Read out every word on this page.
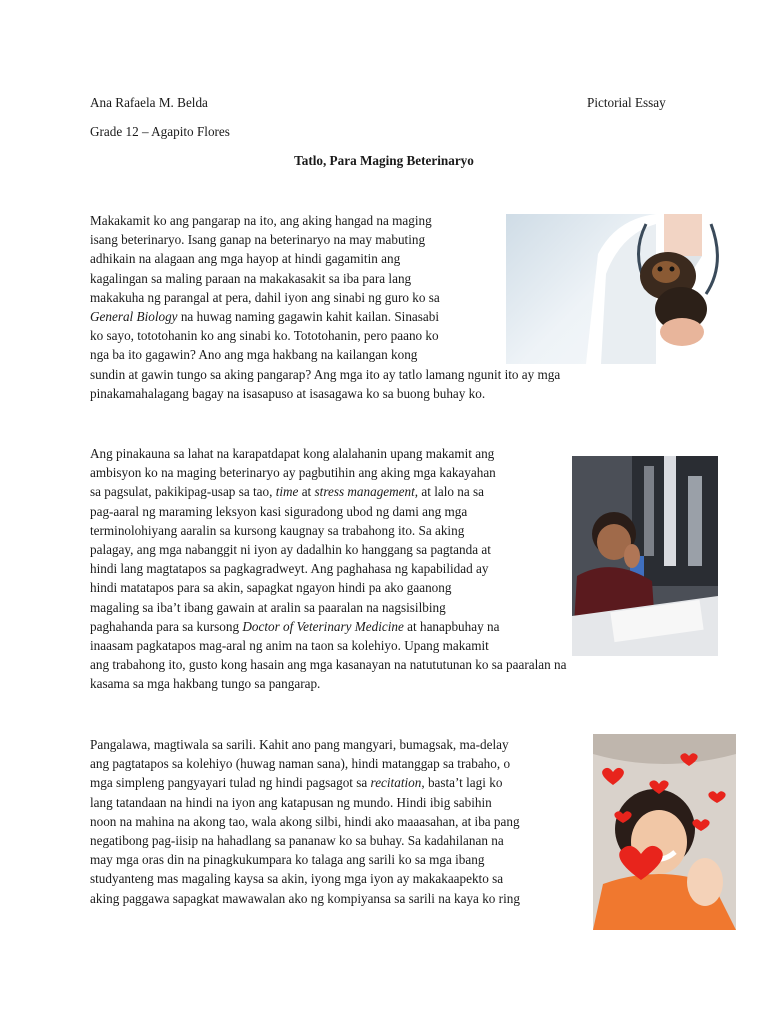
Ana Rafaela M. Belda	Pictorial Essay
Grade 12 – Agapito Flores
Tatlo, Para Maging Beterinaryo
Makakamit ko ang pangarap na ito, ang aking hangad na maging
isang beterinaryo. Isang ganap na beterinaryo na may mabuting
adhikain na alagaan ang mga hayop at hindi gagamitin ang
kagalingan sa maling paraan na makakasakit sa iba para lang
makakuha ng parangal at pera, dahil iyon ang sinabi ng guro ko sa
General Biology na huwag naming gagawin kahit kailan. Sinasabi
ko sayo, tototohanin ko ang sinabi ko. Tototohanin, pero paano ko
nga ba ito gagawin? Ano ang mga hakbang na kailangan kong
sundin at gawin tungo sa aking pangarap? Ang mga ito ay tatlo lamang ngunit ito ay mga
pinakamahalagang bagay na isasapuso at isasagawa ko sa buong buhay ko.
Ang pinakauna sa lahat na karapatdapat kong alalahanin upang makamit ang
ambisyon ko na maging beterinaryo ay pagbutihin ang aking mga kakayahan
sa pagsulat, pakikipag-usap sa tao, time at stress management, at lalo na sa
pag-aaral ng maraming leksyon kasi siguradong ubod ng dami ang mga
terminolohiyang aaralin sa kursong kaugnay sa trabahong ito. Sa aking
palagay, ang mga nabanggit ni iyon ay dadalhin ko hanggang sa pagtanda at
hindi lang magtatapos sa pagkagradweyt. Ang paghahasa ng kapabilidad ay
hindi matatapos para sa akin, sapagkat ngayon hindi pa ako gaanong
magaling sa iba’t ibang gawain at aralin sa paaralan na nagsisilbing
paghahanda para sa kursong Doctor of Veterinary Medicine at hanapbuhay na
inaasam pagkatapos mag-aral ng anim na taon sa kolehiyo. Upang makamit
ang trabahong ito, gusto kong hasain ang mga kasanayan na natututunan ko sa paaralan na
kasama sa mga hakbang tungo sa pangarap.
Pangalawa, magtiwala sa sarili. Kahit ano pang mangyari, bumagsak, ma-delay
ang pagtatapos sa kolehiyo (huwag naman sana), hindi matanggap sa trabaho, o
mga simpleng pangyayari tulad ng hindi pagsagot sa recitation, basta’t lagi ko
lang tatandaan na hindi na iyon ang katapusan ng mundo. Hindi ibig sabihin
noon na mahina na akong tao, wala akong silbi, hindi ako maaasahan, at iba pang
negatibong pag-iisip na hahadlang sa pananaw ko sa buhay. Sa kadahilanan na
may mga oras din na pinagkukumpara ko talaga ang sarili ko sa mga ibang
studyanteng mas magaling kaysa sa akin, iyong mga iyon ay makakaapekto sa
aking paggawa sapagkat mawawalan ako ng kompiyansa sa sarili na kaya ko ring
